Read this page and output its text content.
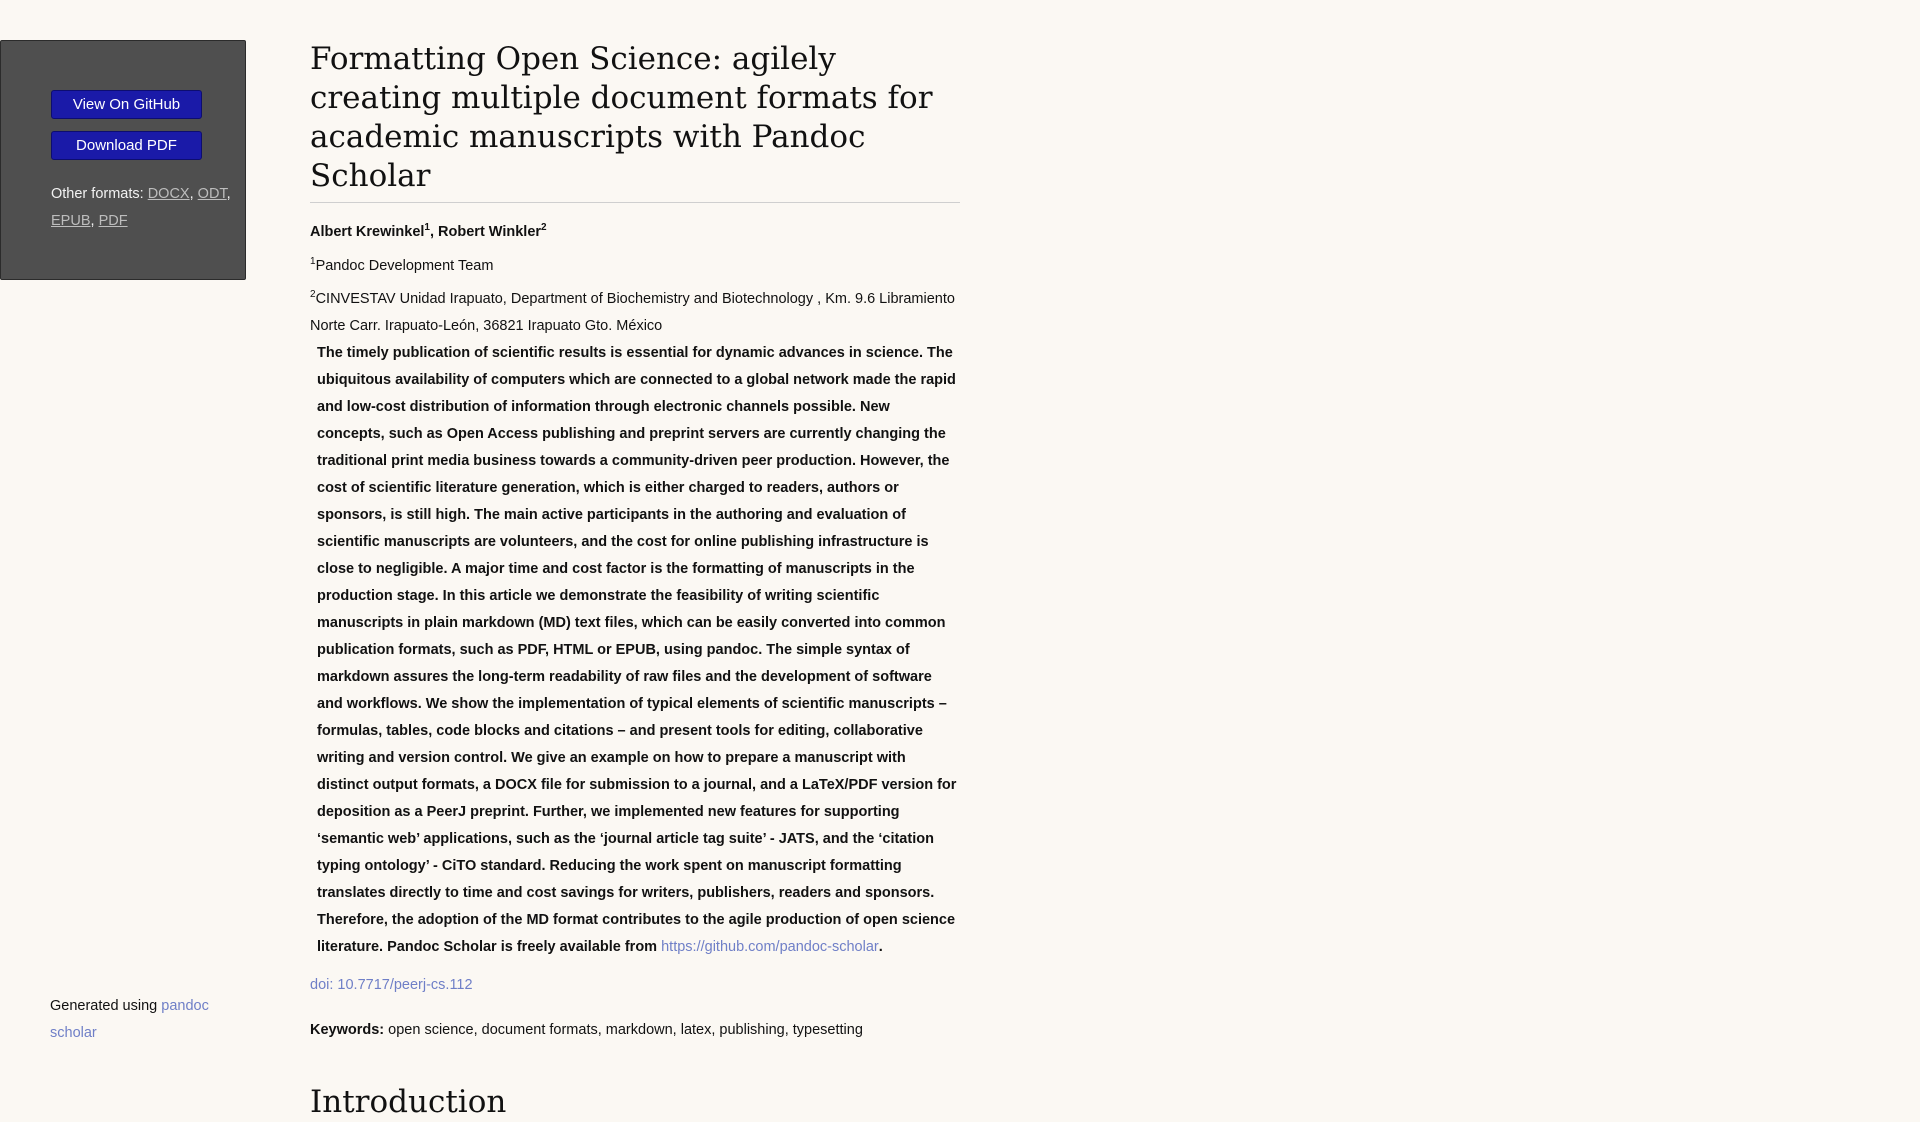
View On GitHub
Download PDF
Other formats: DOCX, ODT, EPUB, PDF
Generated using pandoc scholar
Formatting Open Science: agilely creating multiple document formats for academic manuscripts with Pandoc Scholar
Albert Krewinkel$^1$, Robert Winkler$^2$
$^1$Pandoc Development Team
$^2$CINVESTAV Unidad Irapuato, Department of Biochemistry and Biotechnology , Km. 9.6 Libramiento Norte Carr. Irapuato-León, 36821 Irapuato Gto. México
The timely publication of scientific results is essential for dynamic advances in science. The ubiquitous availability of computers which are connected to a global network made the rapid and low-cost distribution of information through electronic channels possible. New concepts, such as Open Access publishing and preprint servers are currently changing the traditional print media business towards a community-driven peer production. However, the cost of scientific literature generation, which is either charged to readers, authors or sponsors, is still high. The main active participants in the authoring and evaluation of scientific manuscripts are volunteers, and the cost for online publishing infrastructure is close to negligible. A major time and cost factor is the formatting of manuscripts in the production stage. In this article we demonstrate the feasibility of writing scientific manuscripts in plain markdown (MD) text files, which can be easily converted into common publication formats, such as PDF, HTML or EPUB, using pandoc. The simple syntax of markdown assures the long-term readability of raw files and the development of software and workflows. We show the implementation of typical elements of scientific manuscripts – formulas, tables, code blocks and citations – and present tools for editing, collaborative writing and version control. We give an example on how to prepare a manuscript with distinct output formats, a DOCX file for submission to a journal, and a LaTeX/PDF version for deposition as a PeerJ preprint. Further, we implemented new features for supporting ‘semantic web’ applications, such as the ‘journal article tag suite’ - JATS, and the ‘citation typing ontology’ - CiTO standard. Reducing the work spent on manuscript formatting translates directly to time and cost savings for writers, publishers, readers and sponsors. Therefore, the adoption of the MD format contributes to the agile production of open science literature. Pandoc Scholar is freely available from https://github.com/pandoc-scholar.
doi: 10.7717/peerj-cs.112
Keywords: open science, document formats, markdown, latex, publishing, typesetting
Introduction
